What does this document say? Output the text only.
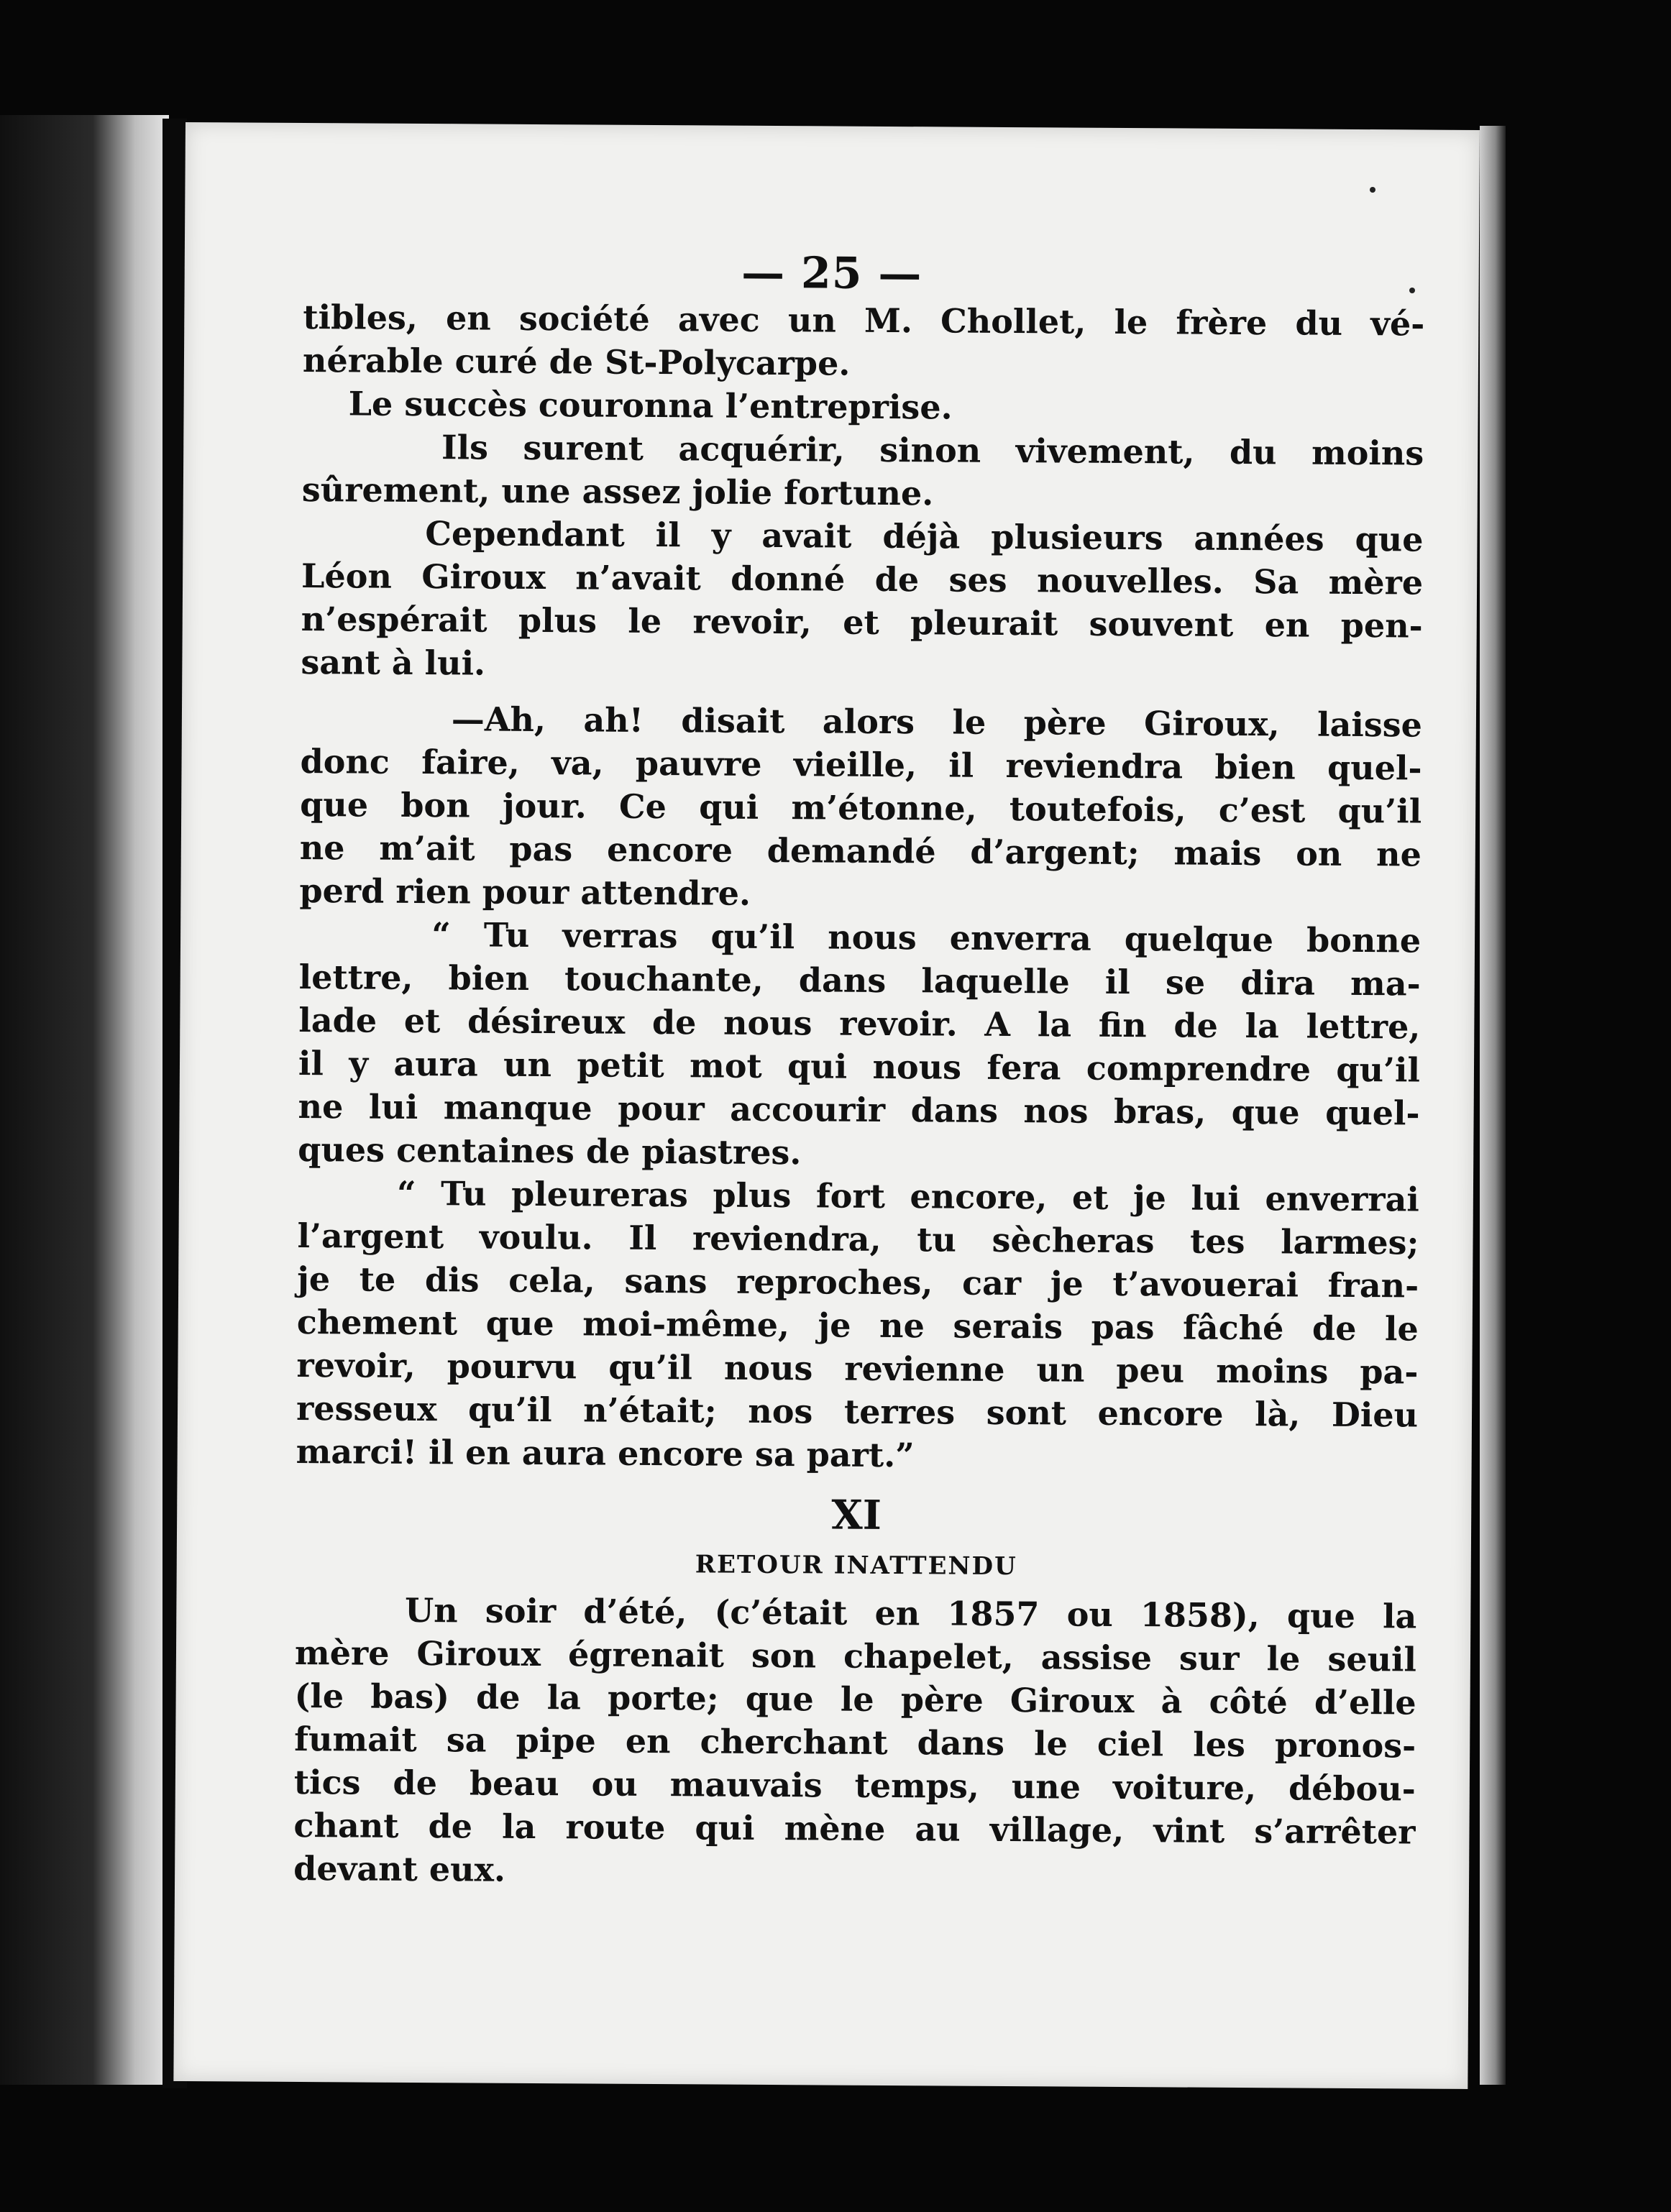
— 25 —
tibles, en société avec un M. Chollet, le frère du vé-
nérable curé de St-Polycarpe.
Le succès couronna l’entreprise.
Ils surent acquérir, sinon vivement, du moins
sûrement, une assez jolie fortune.
Cependant il y avait déjà plusieurs années que
Léon Giroux n’avait donné de ses nouvelles. Sa mère
n’espérait plus le revoir, et pleurait souvent en pen-
sant à lui.
—Ah, ah! disait alors le père Giroux, laisse
donc faire, va, pauvre vieille, il reviendra bien quel-
que bon jour. Ce qui m’étonne, toutefois, c’est qu’il
ne m’ait pas encore demandé d’argent; mais on ne
perd rien pour attendre.
“ Tu verras qu’il nous enverra quelque bonne
lettre, bien touchante, dans laquelle il se dira ma-
lade et désireux de nous revoir. A la fin de la lettre,
il y aura un petit mot qui nous fera comprendre qu’il
ne lui manque pour accourir dans nos bras, que quel-
ques centaines de piastres.
“ Tu pleureras plus fort encore, et je lui enverrai
l’argent voulu. Il reviendra, tu sècheras tes larmes;
je te dis cela, sans reproches, car je t’avouerai fran-
chement que moi-même, je ne serais pas fâché de le
revoir, pourvu qu’il nous revienne un peu moins pa-
resseux qu’il n’était; nos terres sont encore là, Dieu
marci! il en aura encore sa part.”
XI
RETOUR INATTENDU
Un soir d’été, (c’était en 1857 ou 1858), que la
mère Giroux égrenait son chapelet, assise sur le seuil
(le bas) de la porte; que le père Giroux à côté d’elle
fumait sa pipe en cherchant dans le ciel les pronos-
tics de beau ou mauvais temps, une voiture, débou-
chant de la route qui mène au village, vint s’arrêter
devant eux.
